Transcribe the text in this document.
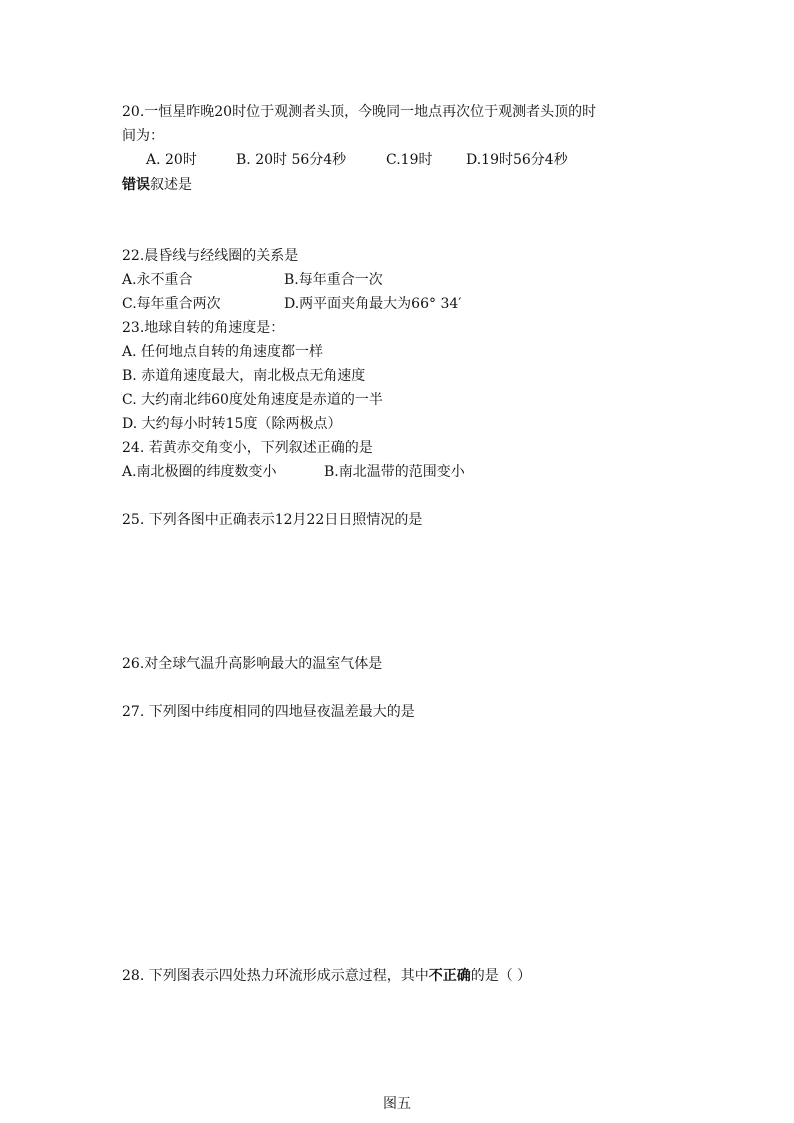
20.一恒星昨晚20时位于观测者头顶，今晚同一地点再次位于观测者头顶的时
间为：
A. 20时	B. 20时 56分4秒	C.19时 D.19时56分4秒
错误叙述是
22.晨昏线与经线圈的关系是
A.永不重合	B.每年重合一次
C.每年重合两次	D.两平面夹角最大为66° 34′
23.地球自转的角速度是：
A. 任何地点自转的角速度都一样
B. 赤道角速度最大，南北极点无角速度
C. 大约南北纬60度处角速度是赤道的一半
D. 大约每小时转15度（除两极点）
24. 若黄赤交角变小，下列叙述正确的是
A.南北极圈的纬度数变小	B.南北温带的范围变小
25. 下列各图中正确表示12月22日日照情况的是
26.对全球气温升高影响最大的温室气体是
27. 下列图中纬度相同的四地昼夜温差最大的是
28. 下列图表示四处热力环流形成示意过程，其中不正确的是（ ）
图五
